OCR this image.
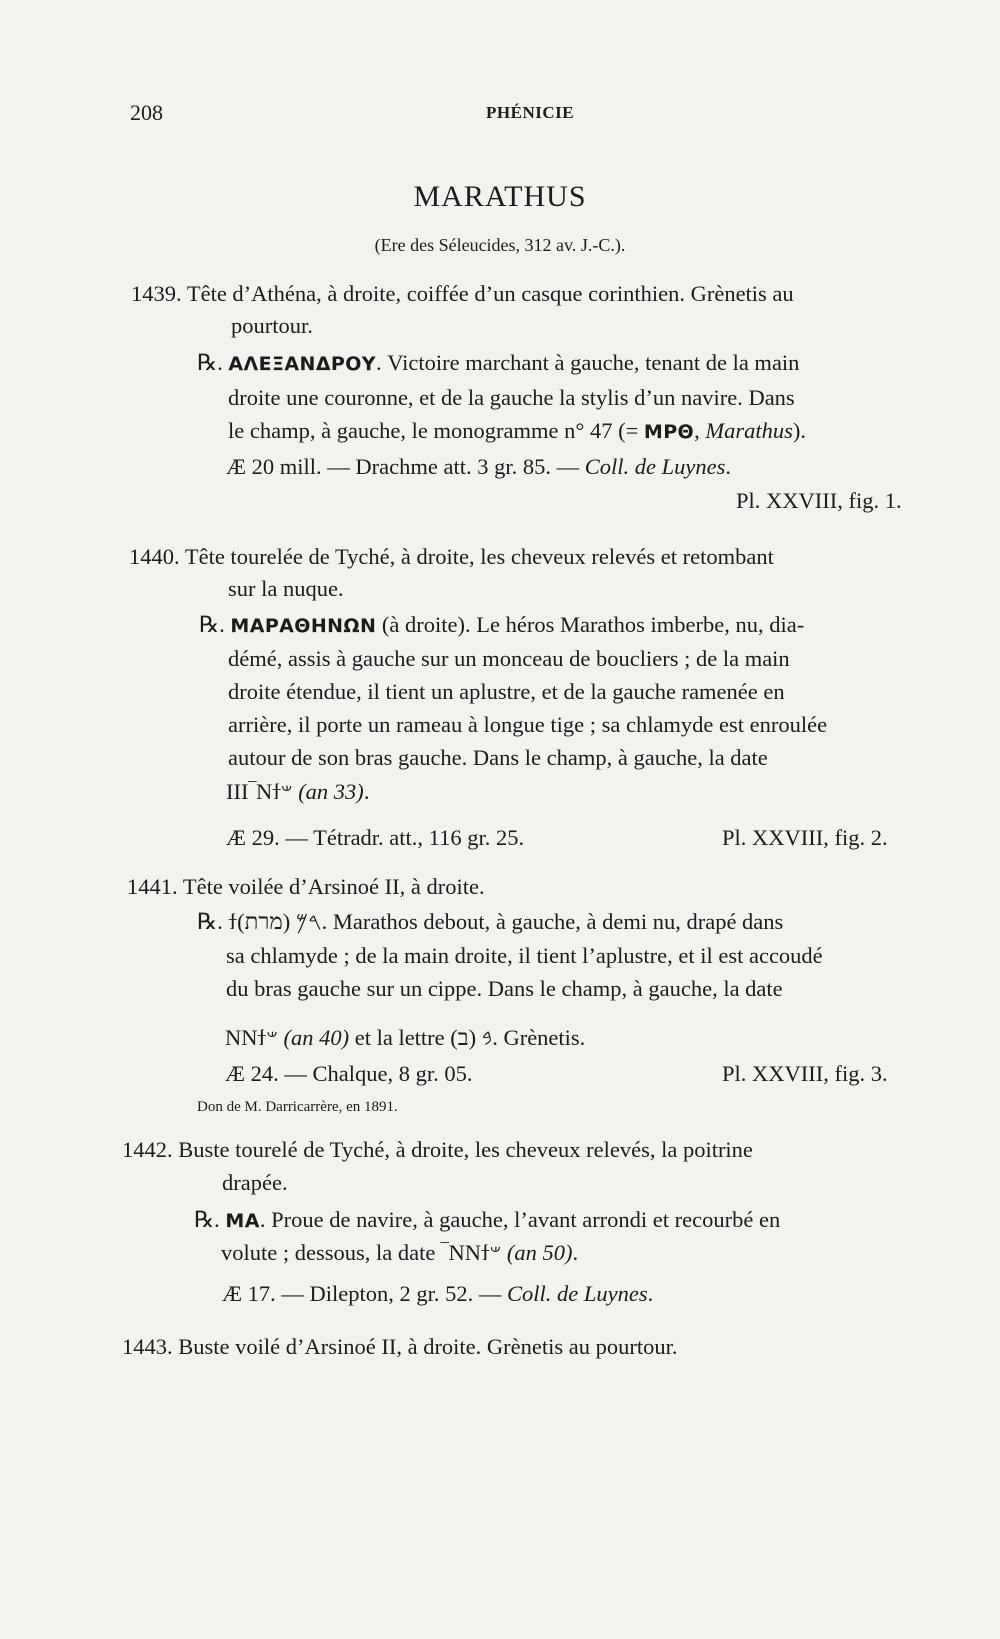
208	PHÉNICIE
MARATHUS
(Ere des Séleucides, 312 av. J.-C.).
1439. Tête d’Athéna, à droite, coiffée d’un casque corinthien. Grènetis au
pourtour.
℞. ΑΛΕΞΑΝΔΡΟΥ. Victoire marchant à gauche, tenant de la main
droite une couronne, et de la gauche la stylis d’un navire. Dans
le champ, à gauche, le monogramme n° 47 (= ΜΡΘ, Marathus).
Æ 20 mill. — Drachme att. 3 gr. 85. — Coll. de Luynes.
Pl. XXVIII, fig. 1.
1440. Tête tourelée de Tyché, à droite, les cheveux relevés et retombant
sur la nuque.
℞. ΜΑΡΑΘΗΝΩΝ (à droite). Le héros Marathos imberbe, nu, dia-
démé, assis à gauche sur un monceau de boucliers ; de la main
droite étendue, il tient un aplustre, et de la gauche ramenée en
arrière, il porte un rameau à longue tige ; sa chlamyde est enroulée
autour de son bras gauche. Dans le champ, à gauche, la date
III‾Nϯ𐤔 (an 33).
Æ 29. — Tétradr. att., 116 gr. 25.	Pl. XXVIII, fig. 2.
1441. Tête voilée d’Arsinoé II, à droite.
℞. ϯ𐤓𐤌 (מרת). Marathos debout, à gauche, à demi nu, drapé dans
sa chlamyde ; de la main droite, il tient l’aplustre, et il est accoudé
du bras gauche sur un cippe. Dans le champ, à gauche, la date
NNϯ𐤔 (an 40) et la lettre 𐤁 (ב). Grènetis.
Æ 24. — Chalque, 8 gr. 05.	Pl. XXVIII, fig. 3.
Don de M. Darricarrère, en 1891.
1442. Buste tourelé de Tyché, à droite, les cheveux relevés, la poitrine
drapée.
℞. ΜΑ. Proue de navire, à gauche, l’avant arrondi et recourbé en
volute ; dessous, la date ‾NNϯ𐤔 (an 50).
Æ 17. — Dilepton, 2 gr. 52. — Coll. de Luynes.
1443. Buste voilé d’Arsinoé II, à droite. Grènetis au pourtour.
